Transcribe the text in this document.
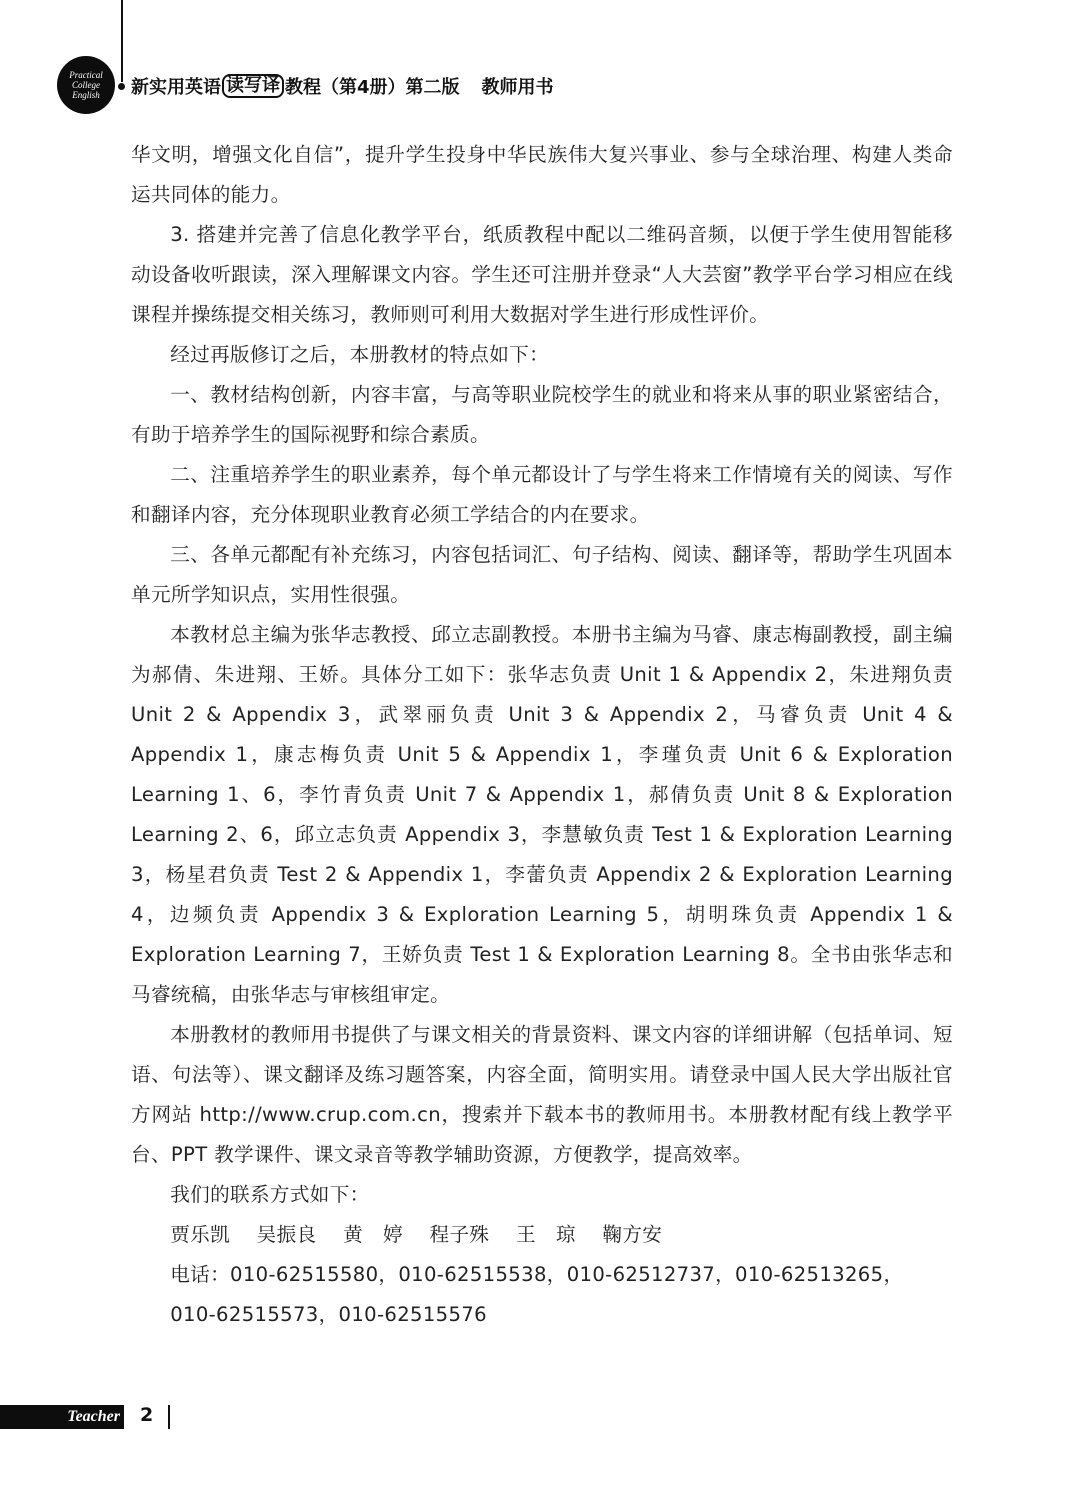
Practical
College
English 新实用英语 读写译 教程（第4册）第二版 教师用书

华文明，增强文化自信”，提升学生投身中华民族伟大复兴事业、参与全球治理、构建人类命运共同体的能力。

3. 搭建并完善了信息化教学平台，纸质教程中配以二维码音频，以便于学生使用智能移动设备收听跟读，深入理解课文内容。学生还可注册并登录“人大芸窗”教学平台学习相应在线课程并操练提交相关练习，教师则可利用大数据对学生进行形成性评价。

经过再版修订之后，本册教材的特点如下：

一、教材结构创新，内容丰富，与高等职业院校学生的就业和将来从事的职业紧密结合，有助于培养学生的国际视野和综合素质。

二、注重培养学生的职业素养，每个单元都设计了与学生将来工作情境有关的阅读、写作和翻译内容，充分体现职业教育必须工学结合的内在要求。

三、各单元都配有补充练习，内容包括词汇、句子结构、阅读、翻译等，帮助学生巩固本单元所学知识点，实用性很强。

本教材总主编为张华志教授、邱立志副教授。本册书主编为马睿、康志梅副教授，副主编为郝倩、朱进翔、王娇。具体分工如下：张华志负责 Unit 1 & Appendix 2，朱进翔负责 Unit 2 & Appendix 3，武翠丽负责 Unit 3 & Appendix 2，马睿负责 Unit 4 & Appendix 1，康志梅负责 Unit 5 & Appendix 1，李瑾负责 Unit 6 & Exploration Learning 1、6，李竹青负责 Unit 7 & Appendix 1，郝倩负责 Unit 8 & Exploration Learning 2、6，邱立志负责 Appendix 3，李慧敏负责 Test 1 & Exploration Learning 3，杨星君负责 Test 2 & Appendix 1，李蕾负责 Appendix 2 & Exploration Learning 4，边频负责 Appendix 3 & Exploration Learning 5，胡明珠负责 Appendix 1 & Exploration Learning 7，王娇负责 Test 1 & Exploration Learning 8。全书由张华志和马睿统稿，由张华志与审核组审定。

本册教材的教师用书提供了与课文相关的背景资料、课文内容的详细讲解（包括单词、短语、句法等）、课文翻译及练习题答案，内容全面，简明实用。请登录中国人民大学出版社官方网站 http://www.crup.com.cn，搜索并下载本书的教师用书。本册教材配有线上教学平台、PPT 教学课件、课文录音等教学辅助资源，方便教学，提高效率。

我们的联系方式如下：

贾乐凯 吴振良 黄　婷 程子殊 王　琼 鞠方安

电话：010-62515580，010-62515538，010-62512737，010-62513265，

010-62515573，010-62515576

Teacher 2
